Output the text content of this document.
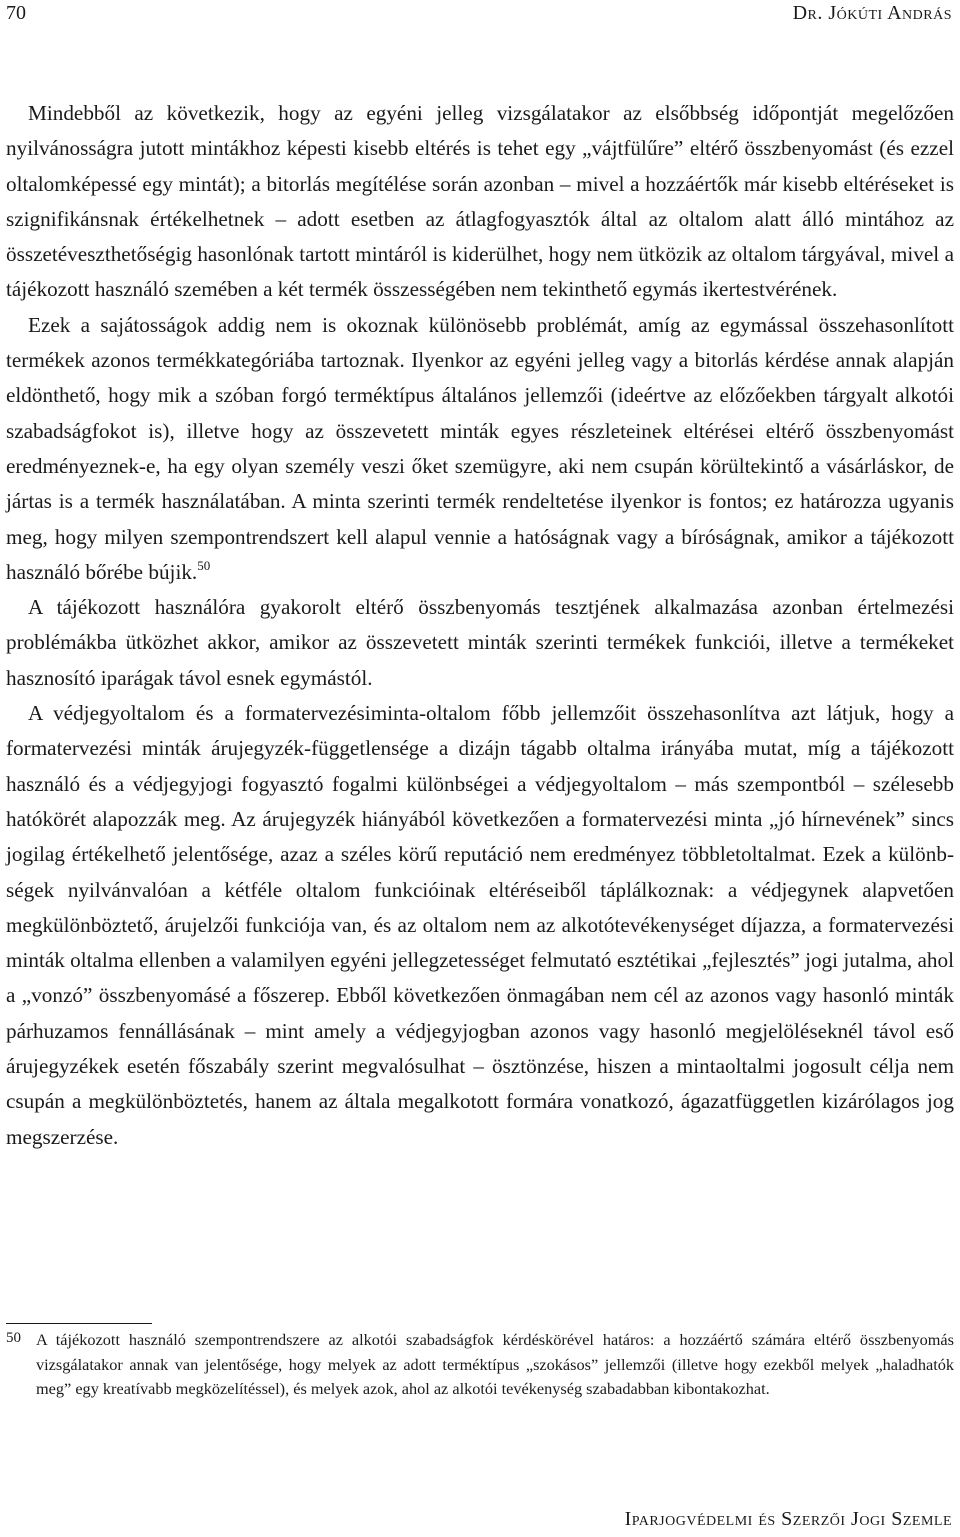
70	Dr. Jókúti András

Mindebből az következik, hogy az egyéni jelleg vizsgálatakor az elsőbbség időpontját megelőzően nyilvánosságra jutott mintákhoz képesti kisebb eltérés is tehet egy „vájtfülűre” eltérő összbenyomást (és ezzel oltalomképessé egy mintát); a bitorlás megítélése során azonban – mivel a hozzáértők már kisebb eltéréseket is szignifikánsnak értékelhetnek – adott esetben az átlagfogyasztók által az oltalom alatt álló mintához az összetéveszthetőségig hasonlónak tartott mintáról is kiderülhet, hogy nem ütközik az oltalom tárgyával, mivel a tájékozott használó szemében a két termék összességében nem tekinthető egymás ikertestvérének.

Ezek a sajátosságok addig nem is okoznak különösebb problémát, amíg az egymással összehasonlított termékek azonos termékkategóriába tartoznak. Ilyenkor az egyéni jelleg vagy a bitorlás kérdése annak alapján eldönthető, hogy mik a szóban forgó terméktípus általános jellemzői (ideértve az előzőekben tárgyalt alkotói szabadságfokot is), illetve hogy az összevetett minták egyes részleteinek eltérései eltérő összbenyomást eredményeznek-e, ha egy olyan személy veszi őket szemügyre, aki nem csupán körültekintő a vásárláskor, de jártas is a termék használatában. A minta szerinti termék rendeltetése ilyenkor is fontos; ez határozza ugyanis meg, hogy milyen szempontrendszert kell alapul vennie a hatóságnak vagy a bíróságnak, amikor a tájékozott használó bőrébe bújik.$^{50}$

A tájékozott használóra gyakorolt eltérő összbenyomás tesztjének alkalmazása azonban értelmezési problémákba ütközhet akkor, amikor az összevetett minták szerinti termékek funkciói, illetve a termékeket hasznosító iparágak távol esnek egymástól.

A védjegyoltalom és a formatervezésiminta-oltalom főbb jellemzőit összehasonlítva azt látjuk, hogy a formatervezési minták árujegyzék-függetlensége a dizájn tágabb oltalma irányába mutat, míg a tájékozott használó és a védjegyjogi fogyasztó fogalmi különbségei a védjegyoltalom – más szempontból – szélesebb hatókörét alapozzák meg. Az árujegyzék hiányából következően a formatervezési minta „jó hírnevének” sincs jogilag értékelhető jelentősége, azaz a széles körű reputáció nem eredményez többletoltalmat. Ezek a különbségek nyilvánvalóan a kétféle oltalom funkcióinak eltéréseiből táplálkoznak: a védjegynek alapvetően megkülönböztető, árujelzői funkciója van, és az oltalom nem az alkotótevékenységet díjazza, a formatervezési minták oltalma ellenben a valamilyen egyéni jellegzetességet felmutató esztétikai „fejlesztés” jogi jutalma, ahol a „vonzó” összbenyomásé a főszerep. Ebből következően önmagában nem cél az azonos vagy hasonló minták párhuzamos fennállásának – mint amely a védjegyjogban azonos vagy hasonló megjelöléseknél távol eső árujegyzékek esetén főszabály szerint megvalósulhat – ösztönzése, hiszen a mintaoltalmi jogosult célja nem csupán a megkülönböztetés, hanem az általa megalkotott formára vonatkozó, ágazatfüggetlen kizárólagos jog megszerzése.

50 A tájékozott használó szempontrendszere az alkotói szabadságfok kérdéskörével határos: a hozzáértő számára eltérő összbenyomás vizsgálatakor annak van jelentősége, hogy melyek az adott terméktípus „szokásos” jellemzői (illetve hogy ezekből melyek „haladhatók meg” egy kreatívabb megközelítéssel), és melyek azok, ahol az alkotói tevékenység szabadabban kibontakozhat.
Iparjogvédelmi és Szerzői Jogi Szemle
